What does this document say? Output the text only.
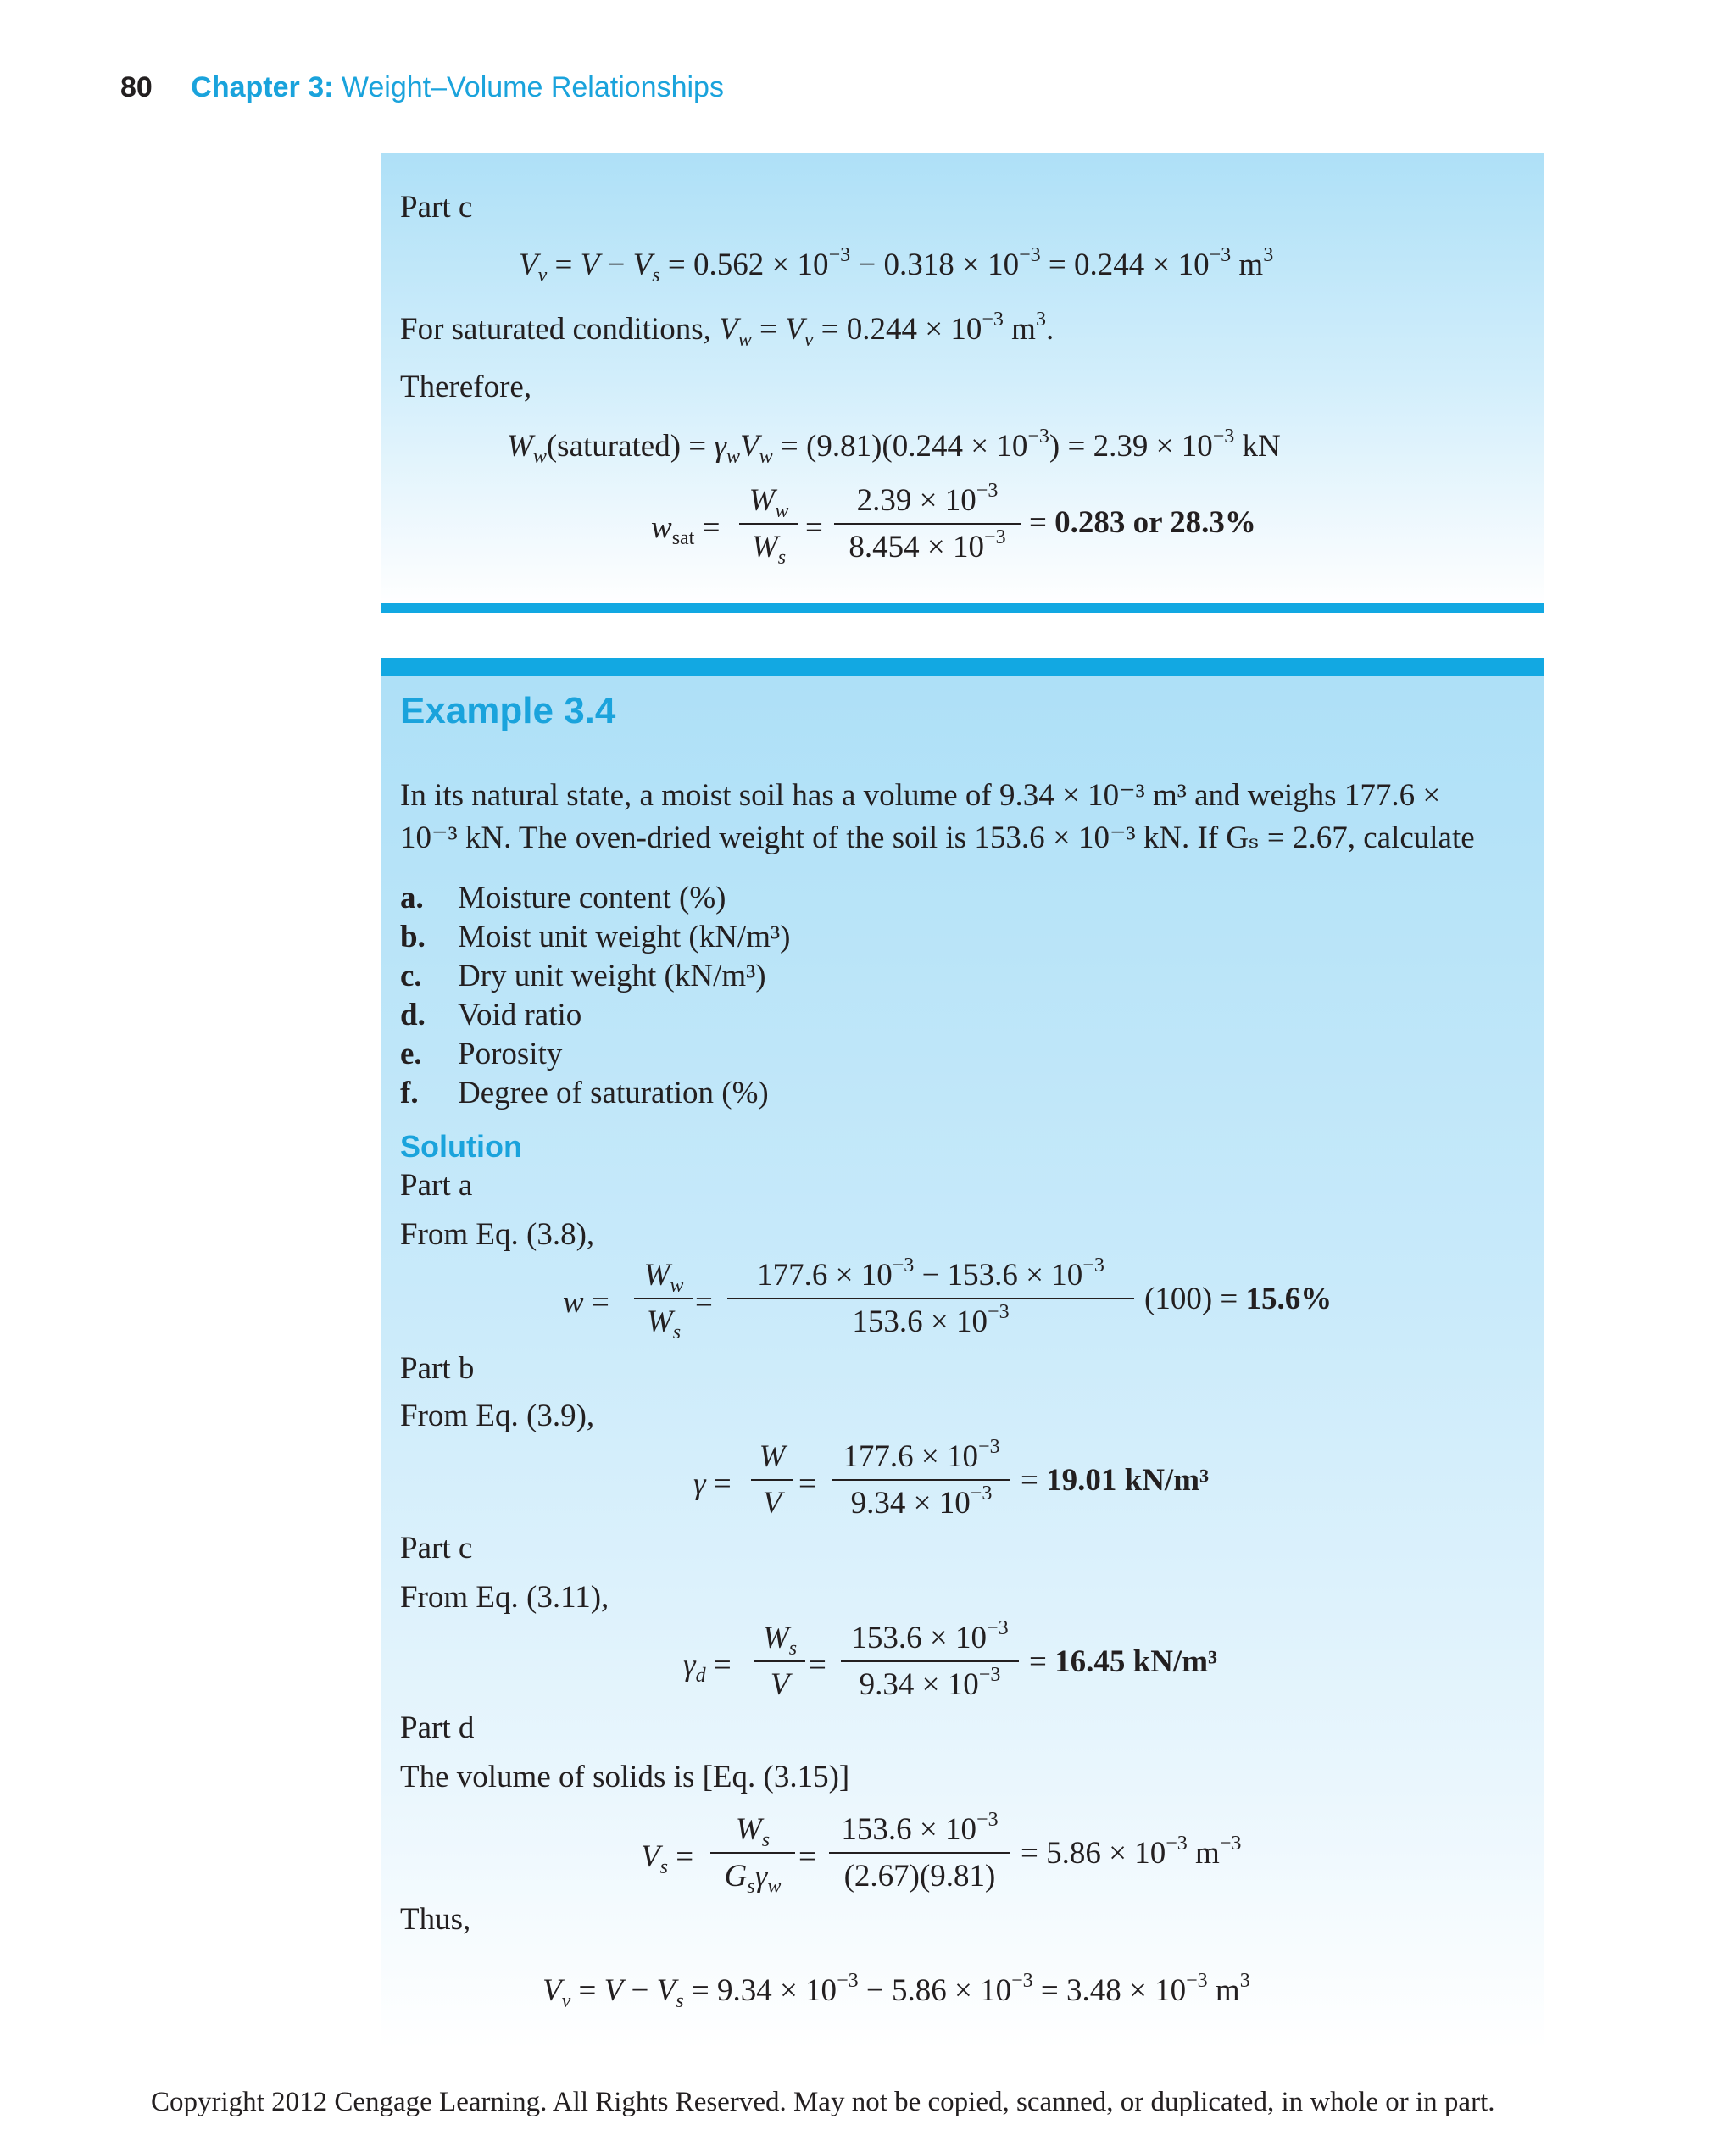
80 Chapter 3: Weight–Volume Relationships
Part c
$V_v = V - V_s = 0.562 \times 10^{-3} - 0.318 \times 10^{-3} = 0.244 \times 10^{-3}$ $m^3$
For saturated conditions, $V_w = V_v = 0.244 \times 10^{-3}$ $m^3$.
Therefore,
$W_w(saturated) = \gamma_wV_w = (9.81)(0.244 \times 10^{-3}) = 2.39 \times 10^{-3}$ kN
$w_{sat}$ =
$W_w$
$W_s$
=
$2.39 \times 10^{-3}$
$8.454 \times 10^{-3} = 0.283$ or 28.3%
Example 3.4
In its natural state, a moist soil has a volume of 9.34 × 10⁻³ m³ and weighs 177.6 ×
10⁻³ kN. The oven-dried weight of the soil is 153.6 × 10⁻³ kN. If Gₛ = 2.67, calculate
a. Moisture content (%)
b. Moist unit weight (kN/m³)
c. Dry unit weight (kN/m³)
d. Void ratio
e. Porosity
f. Degree of saturation (%)
Solution
Part a
From Eq. (3.8),
w =
$W_w$
$W_s$
=
$177.6 \times 10^{-3} - 153.6 \times 10^{-3}$
$153.6 \times 10^{-3}$	(100) = 15.6%
Part b
From Eq. (3.9),
γ =
W
V
=
$177.6 \times 10^{-3}$
$9.34 \times 10^{-3} = 19.01$ kN/m³
Part c
From Eq. (3.11),
$\gamma_d$ =
$W_s$
V
=
$153.6 \times 10^{-3}$
$9.34 \times 10^{-3} = 16.45$ kN/m³
Part d
The volume of solids is [Eq. (3.15)]
$V_s$ =
$W_s$
$G_s\gamma_w$
=
$153.6 \times 10^{-3}$
(2.67)(9.81)
= $5.86 \times 10^{-3}$ $m^{-3}$
Thus,
$V_v = V - V_s = 9.34 \times 10^{-3} - 5.86 \times 10^{-3} = 3.48 \times 10^{-3}$ $m^3$
Copyright 2012 Cengage Learning. All Rights Reserved. May not be copied, scanned, or duplicated, in whole or in part.
